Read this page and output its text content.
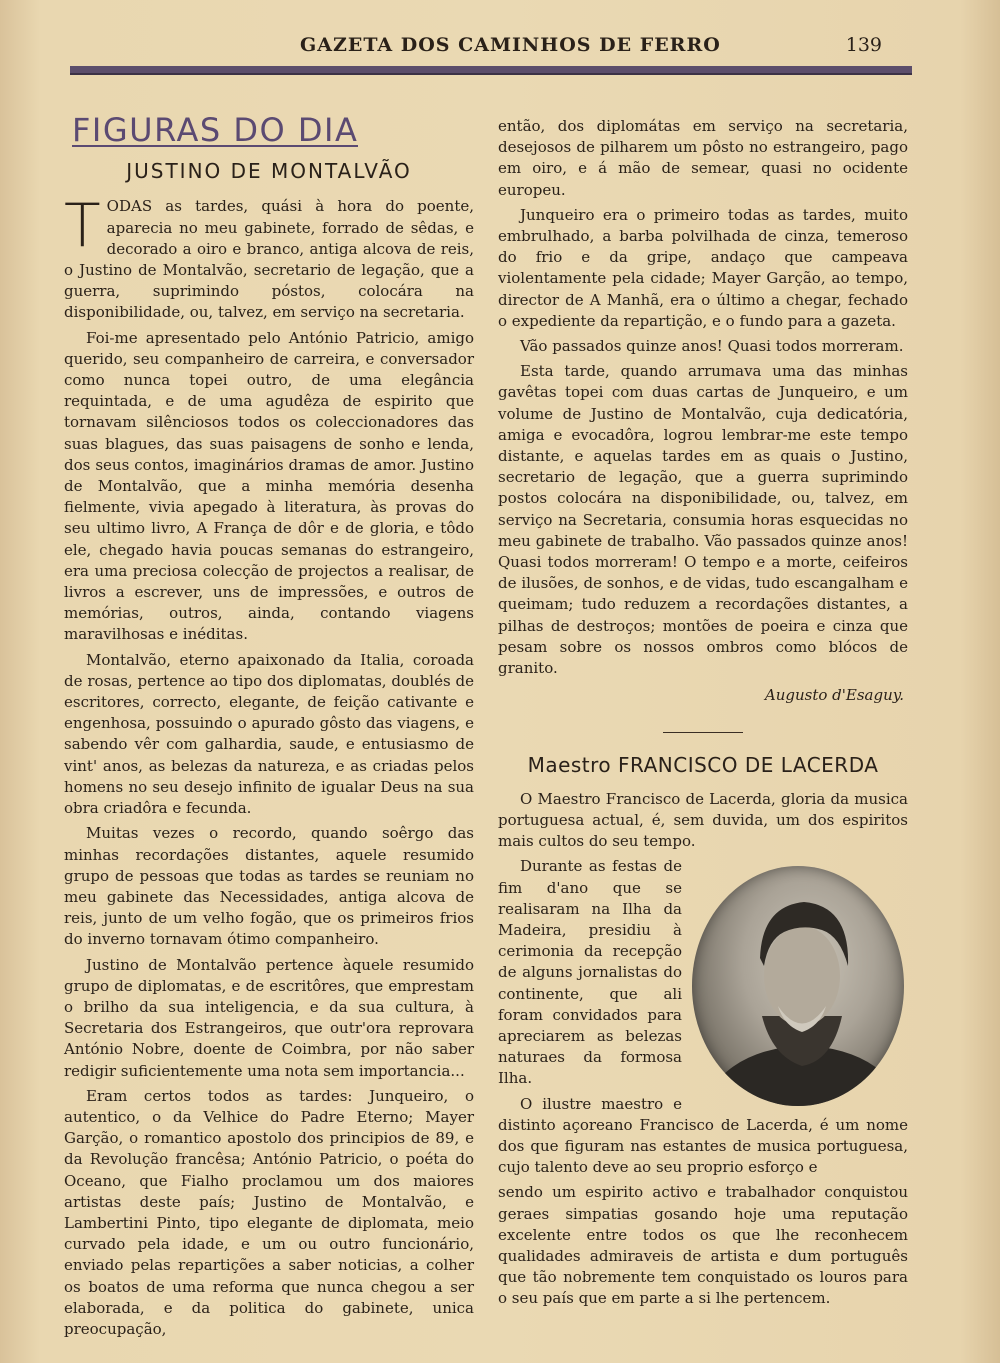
GAZETA DOS CAMINHOS DE FERRO	139
FIGURAS DO DIA
JUSTINO DE MONTALVÃO

TODAS as tardes, quási à hora do poente, aparecia no meu gabinete, forrado de sêdas, e decorado a oiro e branco, antiga alcova de reis, o Justino de Montalvão, secretario de legação, que a guerra, suprimindo póstos, colocára na disponibilidade, ou, talvez, em serviço na secretaria.

Foi-me apresentado pelo António Patricio, amigo querido, seu companheiro de carreira, e conversador como nunca topei outro, de uma elegância requintada, e de uma agudêza de espirito que tornavam silênciosos todos os coleccionadores das suas blagues, das suas paisagens de sonho e lenda, dos seus contos, imaginários dramas de amor. Justino de Montalvão, que a minha memória desenha fielmente, vivia apegado à literatura, às provas do seu ultimo livro, A França de dôr e de gloria, e tôdo ele, chegado havia poucas semanas do estrangeiro, era uma preciosa colecção de projectos a realisar, de livros a escrever, uns de impressões, e outros de memórias, outros, ainda, contando viagens maravilhosas e inéditas.

Montalvão, eterno apaixonado da Italia, coroada de rosas, pertence ao tipo dos diplomatas, doublés de escritores, correcto, elegante, de feição cativante e engenhosa, possuindo o apurado gôsto das viagens, e sabendo vêr com galhardia, saude, e entusiasmo de vint' anos, as belezas da natureza, e as criadas pelos homens no seu desejo infinito de igualar Deus na sua obra criadôra e fecunda.

Muitas vezes o recordo, quando soêrgo das minhas recordações distantes, aquele resumido grupo de pessoas que todas as tardes se reuniam no meu gabinete das Necessidades, antiga alcova de reis, junto de um velho fogão, que os primeiros frios do inverno tornavam ótimo companheiro.

Justino de Montalvão pertence àquele resumido grupo de diplomatas, e de escritôres, que emprestam o brilho da sua inteligencia, e da sua cultura, à Secretaria dos Estrangeiros, que outr'ora reprovara António Nobre, doente de Coimbra, por não saber redigir suficientemente uma nota sem importancia...

Eram certos todos as tardes: Junqueiro, o autentico, o da Velhice do Padre Eterno; Mayer Garção, o romantico apostolo dos principios de 89, e da Revolução francêsa; António Patricio, o poéta do Oceano, que Fialho proclamou um dos maiores artistas deste país; Justino de Montalvão, e Lambertini Pinto, tipo elegante de diplomata, meio curvado pela idade, e um ou outro funcionário, enviado pelas repartições a saber noticias, a colher os boatos de uma reforma que nunca chegou a ser elaborada, e da politica do gabinete, unica preocupação,

então, dos diplomátas em serviço na secretaria, desejosos de pilharem um pôsto no estrangeiro, pago em oiro, e á mão de semear, quasi no ocidente europeu.

Junqueiro era o primeiro todas as tardes, muito embrulhado, a barba polvilhada de cinza, temeroso do frio e da gripe, andaço que campeava violentamente pela cidade; Mayer Garção, ao tempo, director de A Manhã, era o último a chegar, fechado o expediente da repartição, e o fundo para a gazeta.

Vão passados quinze anos! Quasi todos morreram.

Esta tarde, quando arrumava uma das minhas gavêtas topei com duas cartas de Junqueiro, e um volume de Justino de Montalvão, cuja dedicatória, amiga e evocadôra, logrou lembrar-me este tempo distante, e aquelas tardes em as quais o Justino, secretario de legação, que a guerra suprimindo postos colocára na disponibilidade, ou, talvez, em serviço na Secretaria, consumia horas esquecidas no meu gabinete de trabalho. Vão passados quinze anos! Quasi todos morreram! O tempo e a morte, ceifeiros de ilusões, de sonhos, e de vidas, tudo escangalham e queimam; tudo reduzem a recordações distantes, a pilhas de destroços; montões de poeira e cinza que pesam sobre os nossos ombros como blócos de granito.

Augusto d'Esaguy.
Maestro FRANCISCO DE LACERDA

O Maestro Francisco de Lacerda, gloria da musica portuguesa actual, é, sem duvida, um dos espiritos mais cultos do seu tempo.

Durante as festas de fim d'ano que se realisaram na Ilha da Madeira, presidiu à cerimonia da recepção de alguns jornalistas do continente, que ali foram convidados para apreciarem as belezas naturaes da formosa Ilha.

O ilustre maestro e distinto açoreano Francisco de Lacerda, é um nome dos que figuram nas estantes de musica portuguesa, cujo talento deve ao seu proprio esforço e

sendo um espirito activo e trabalhador conquistou geraes simpatias gosando hoje uma reputação excelente entre todos os que lhe reconhecem qualidades admiraveis de artista e dum português que tão nobremente tem conquistado os louros para o seu país que em parte a si lhe pertencem.
